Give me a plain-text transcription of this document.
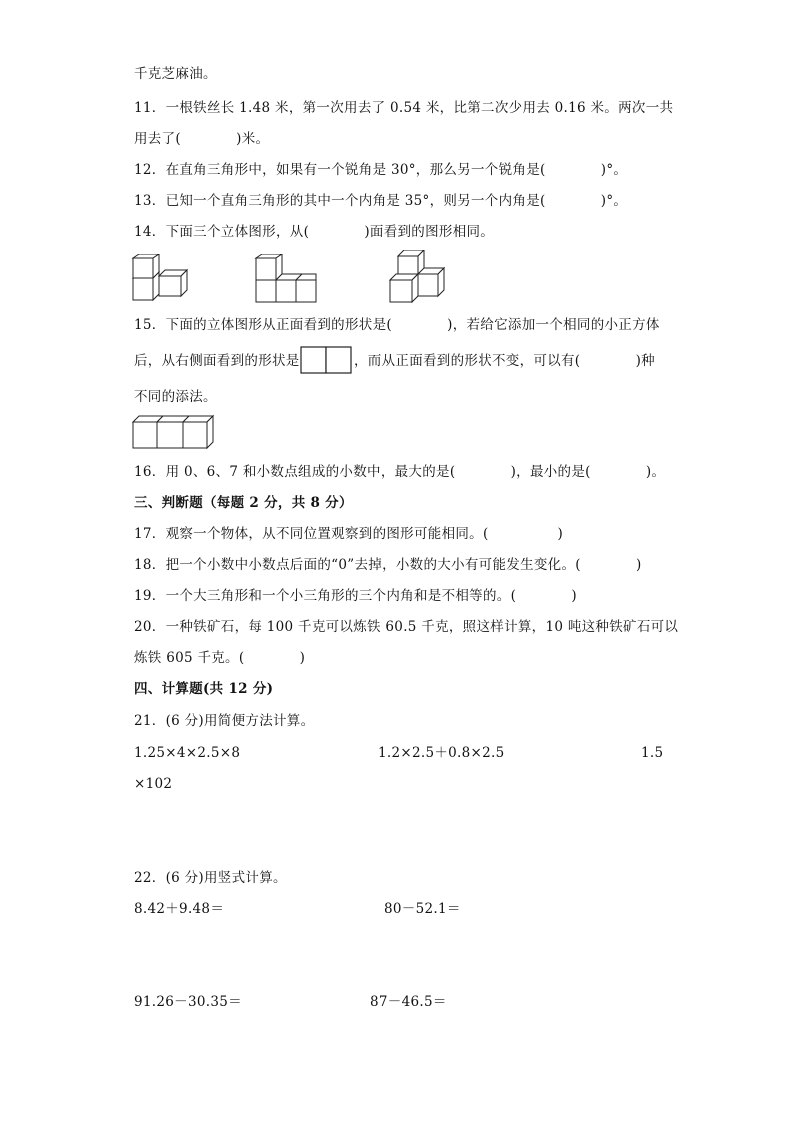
千克芝麻油。
11．一根铁丝长 1.48 米，第一次用去了 0.54 米，比第二次少用去 0.16 米。两次一共
用去了(　　　　)米。
12．在直角三角形中，如果有一个锐角是 30°，那么另一个锐角是(　　　　)°。
13．已知一个直角三角形的其中一个内角是 35°，则另一个内角是(　　　　)°。
14．下面三个立体图形，从(　　　　)面看到的图形相同。
15．下面的立体图形从正面看到的形状是(　　　　)，若给它添加一个相同的小正方体
后，从右侧面看到的形状是	，而从正面看到的形状不变，可以有(　　　　)种
不同的添法。
16．用 0、6、7 和小数点组成的小数中，最大的是(　　　　)，最小的是(　　　　)。
三、判断题（每题 2 分，共 8 分）
17．观察一个物体，从不同位置观察到的图形可能相同。(　　　　　)
18．把一个小数中小数点后面的“0”去掉，小数的大小有可能发生变化。(　　　　)
19．一个大三角形和一个小三角形的三个内角和是不相等的。(　　　　)
20．一种铁矿石，每 100 千克可以炼铁 60.5 千克，照这样计算，10 吨这种铁矿石可以
炼铁 605 千克。(　　　　)
四、计算题(共 12 分)
21．(6 分)用简便方法计算。
1.25×4×2.5×8	1.2×2.5＋0.8×2.5	1.5
×102
22．(6 分)用竖式计算。
8.42＋9.48＝	80－52.1＝
91.26－30.35＝	87－46.5＝
